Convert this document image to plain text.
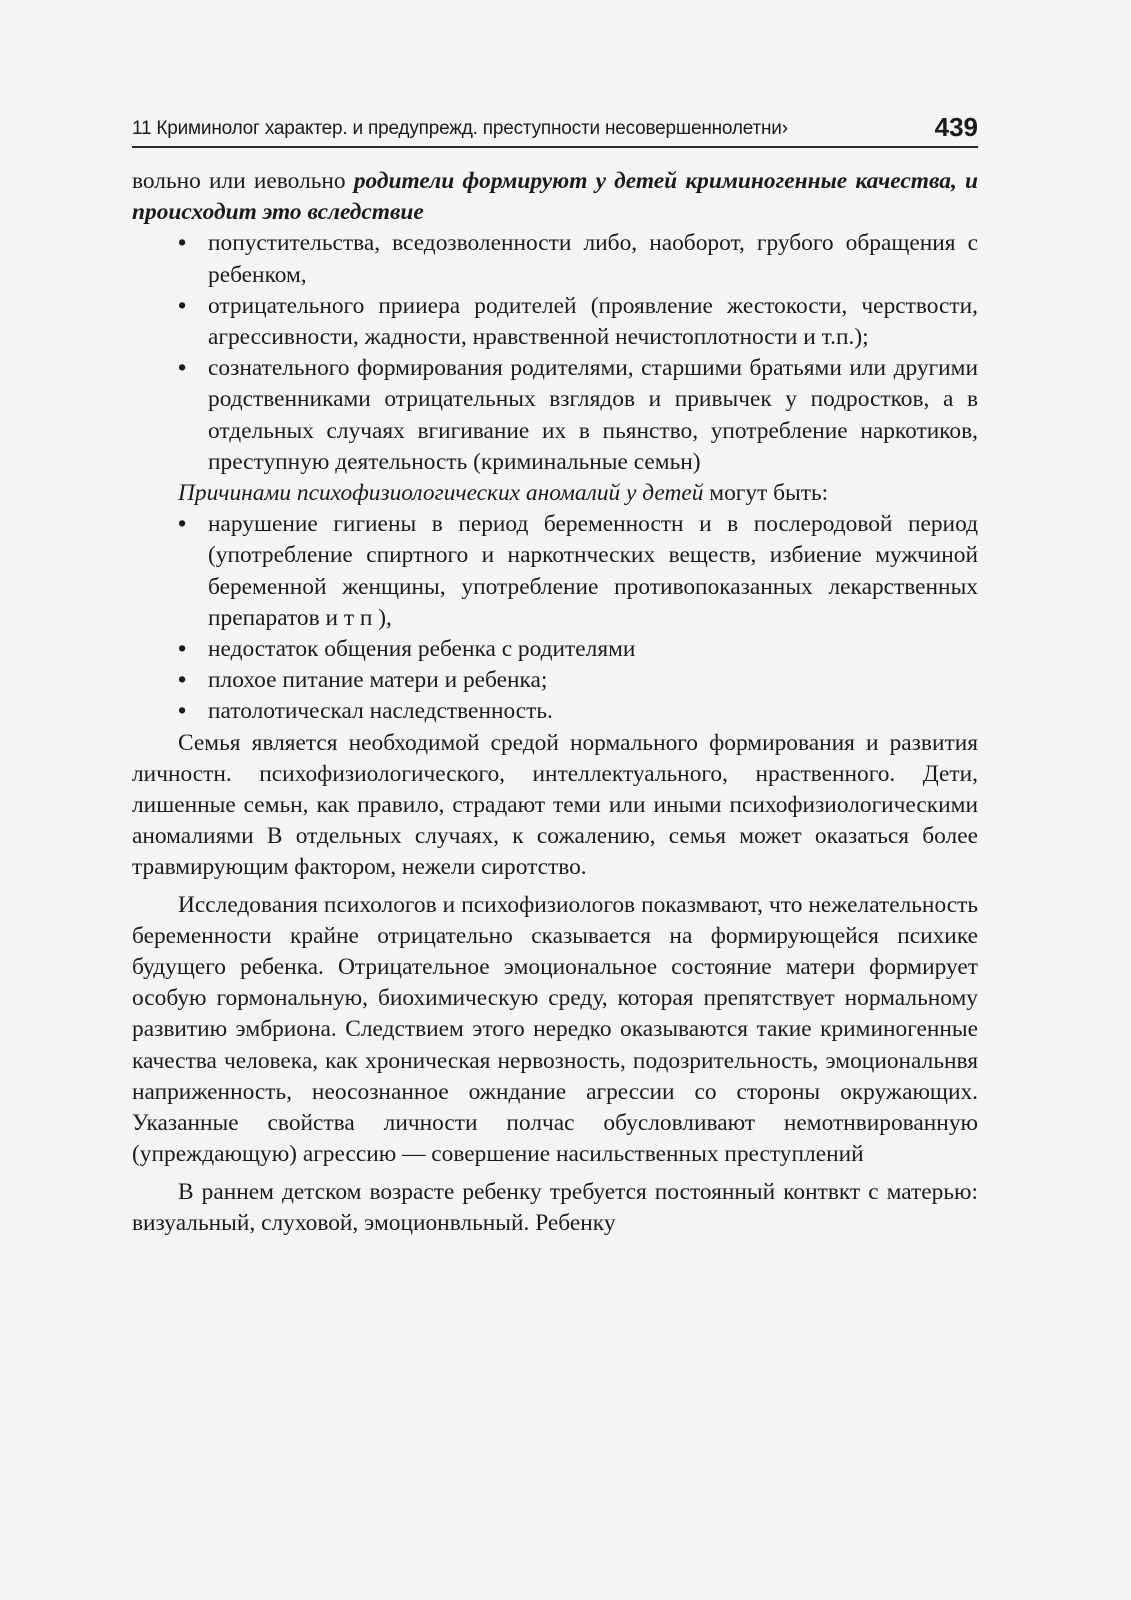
11 Криминолог характер. и предупрежд. преступности несовершеннолетни›	439

вольно или иевольно родители формируют у детей криминогенные качества, и происходит это вследствие

• попустительства, вседозволенности либо, наоборот, грубого обращения с ребенком,
• отрицательного прииера родителей (проявление жестокости, черствости, агрессивности, жадности, нравственной нечистоплотности и т.п.);
• сознательного формирования родителями, старшими братьями или другими родственниками отрицательных взглядов и привычек у подростков, а в отдельных случаях вгигивание их в пьянство, употребление наркотиков, преступную деятельность (криминальные семьн)

Причинами психофизиологических аномалий у детей могут быть:

• нарушение гигиены в период беременностн и в послеродовой период (употребление спиртного и наркотнческих веществ, избиение мужчиной беременной женщины, употребление противопоказанных лекарственных препаратов и т п ),
• недостаток общения ребенка с родителями
• плохое питание матери и ребенка;
• патолотическал наследственность.

Семья является необходимой средой нормального формирования и развития личностн. психофизиологического, интеллектуального, нраственного. Дети, лишенные семьн, как правило, страдают теми или иными психофизиологическими аномалиями В отдельных случаях, к сожалению, семья может оказаться более травмирующим фактором, нежели сиротство.

Исследования психологов и психофизиологов показмвают, что нежелательность беременности крайне отрицательно сказывается на формирующейся психике будущего ребенка. Отрицательное эмоциональное состояние матери формирует особую гормональную, биохимическую среду, которая препятствует нормальному развитию эмбриона. Следствием этого нередко оказываются такие криминогенные качества человека, как хроническая нервозность, подозрительность, эмоциональнвя наприженность, неосознанное ожндание агрессии со стороны окружающих. Указанные свойства личности полчас обусловливают немотнвированную (упреждающую) агрессию — совершение насильственных преступлений

В раннем детском возрасте ребенку требуется постоянный контвкт с матерью: визуальный, слуховой, эмоционвльный. Ребенку
